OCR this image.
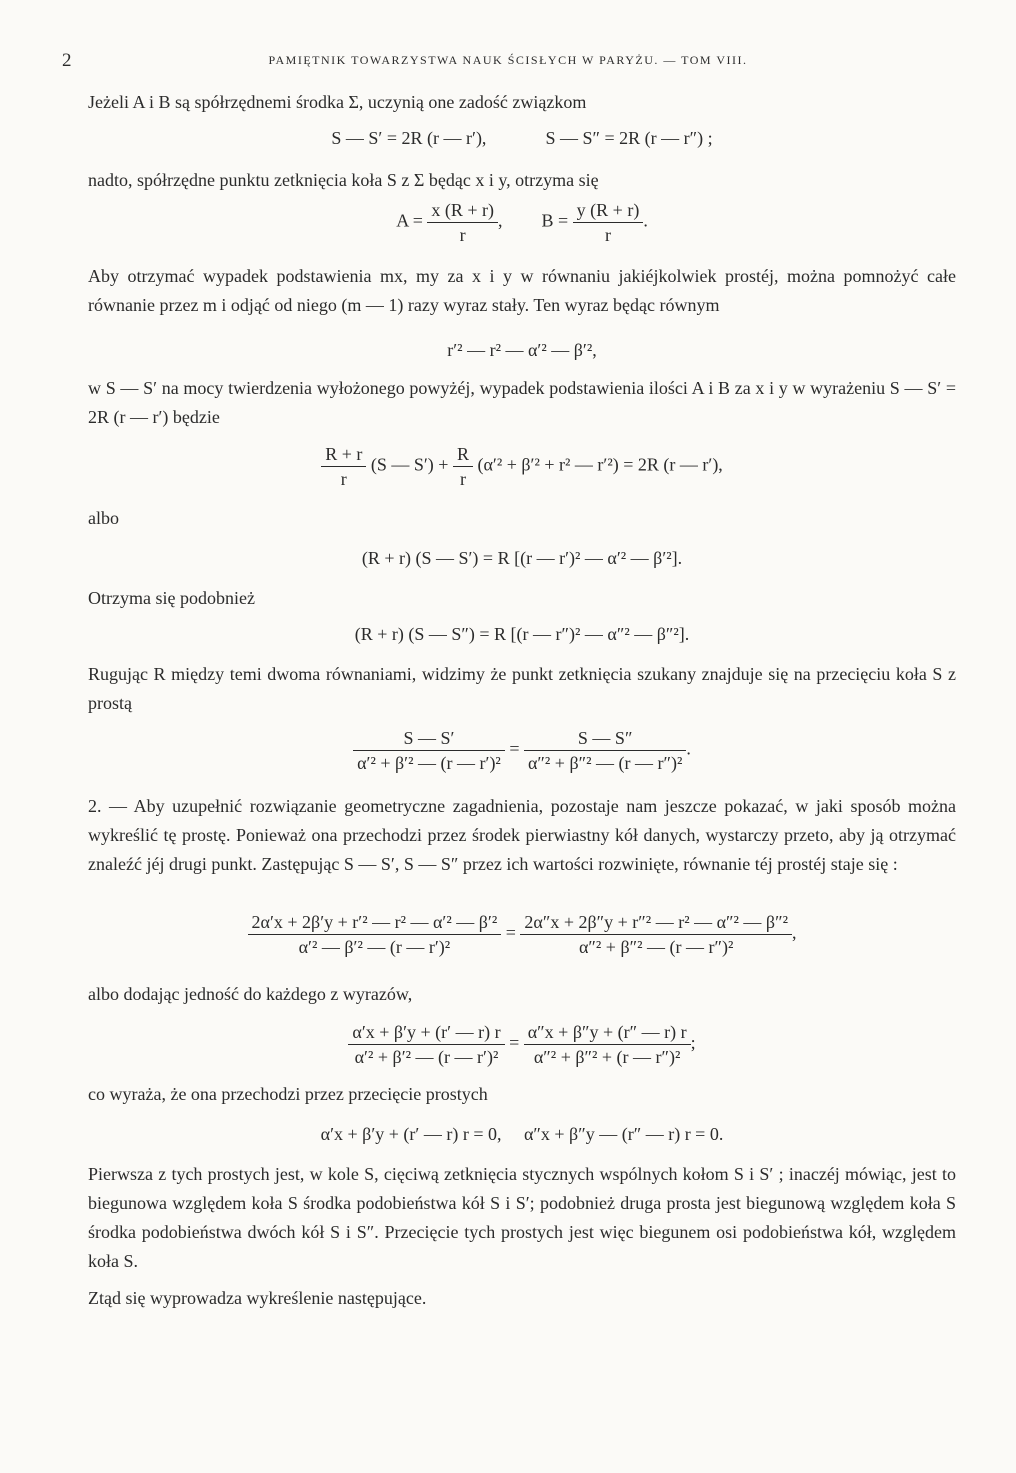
2	PAMIĘTNIK TOWARZYSTWA NAUK ŚCISŁYCH W PARYŻU. — TOM VIII.

Jeżeli A i B są spółrzędnemi środka Σ, uczynią one zadość związkom

S — S′ = 2R (r — r′),	S — S″ = 2R (r — r″) ;

nadto, spółrzędne punktu zetknięcia koła S z Σ będąc x i y, otrzyma się

$A = \frac{x (R + r)}{r}$ ,  $B = \frac{y (R + r)}{r}$ .

Aby otrzymać wypadek podstawienia mx, my za x i y w równaniu jakiéjkolwiek prostéj, można pomnożyć całe równanie przez m i odjąć od niego (m — 1) razy wyraz stały. Ten wyraz będąc równym

r′² — r² — α′² — β′²,

w S — S′ na mocy twierdzenia wyłożonego powyżéj, wypadek podstawienia ilości A i B za x i y w wyrażeniu S — S′ = 2R (r — r′) będzie

$\frac{R + r}{r} (S$ — $S') + \frac{R}{r} (\alpha'^2 + \beta'^2 + r^2$ — r′²) = 2R (r — r′),
albo
(R + r) (S — S′) = R [(r — r′)² — α′² — β′²].
Otrzyma się podobnież
(R + r) (S — S″) = R [(r — r″)² — α″² — β″²].

Rugując R między temi dwoma równaniami, widzimy że punkt zetknięcia szukany znajduje się na przecięciu koła S z prostą

$\frac{S — S'}{\text{α′² + β′² — (r — r′)²}} = \frac{S — S''}{\text{α″² + β″² — (r — r″)²}}$ .

2. — Aby uzupełnić rozwiązanie geometryczne zagadnienia, pozostaje nam jeszcze pokazać, w jaki sposób można wykreślić tę prostę. Ponieważ ona przechodzi przez środek pierwiastny kół danych, wystarczy przeto, aby ją otrzymać znaleźć jéj drugi punkt. Zastępując S — S′, S — S″ przez ich wartości rozwinięte, równanie téj prostéj staje się :

$\frac{\text{2α′x + 2β′y + r′² — r² — α′² — β′²}}{\text{α′² — β′² — (r — r′)²}} = \frac{\text{2α″x + 2β″y + r″² — r² — α″² — β″²}}{\text{α″² + β″² — (r — r″)²}}$ ,
albo dodając jedność do każdego z wyrazów,
$\frac{\alpha'x + \beta'y + (r' — r) r}{\text{α′² + β′² — (r — r′)²}} = \frac{\alpha''x + \beta''y + (r'' — r) r}{\text{α″² + β″² + (r — r″)²}}$ ;
co wyraża, że ona przechodzi przez przecięcie prostych
α′x + β′y + (r′ — r) r = 0,     α″x + β″y — (r″ — r) r = 0.

Pierwsza z tych prostych jest, w kole S, cięciwą zetknięcia stycznych wspólnych kołom S i S′ ; inaczéj mówiąc, jest to biegunowa względem koła S środka podobieństwa kół S i S′; podobnież druga prosta jest biegunową względem koła S środka podobieństwa dwóch kół S i S″. Przecięcie tych prostych jest więc biegunem osi podobieństwa kół, względem koła S.

Ztąd się wyprowadza wykreślenie następujące.
